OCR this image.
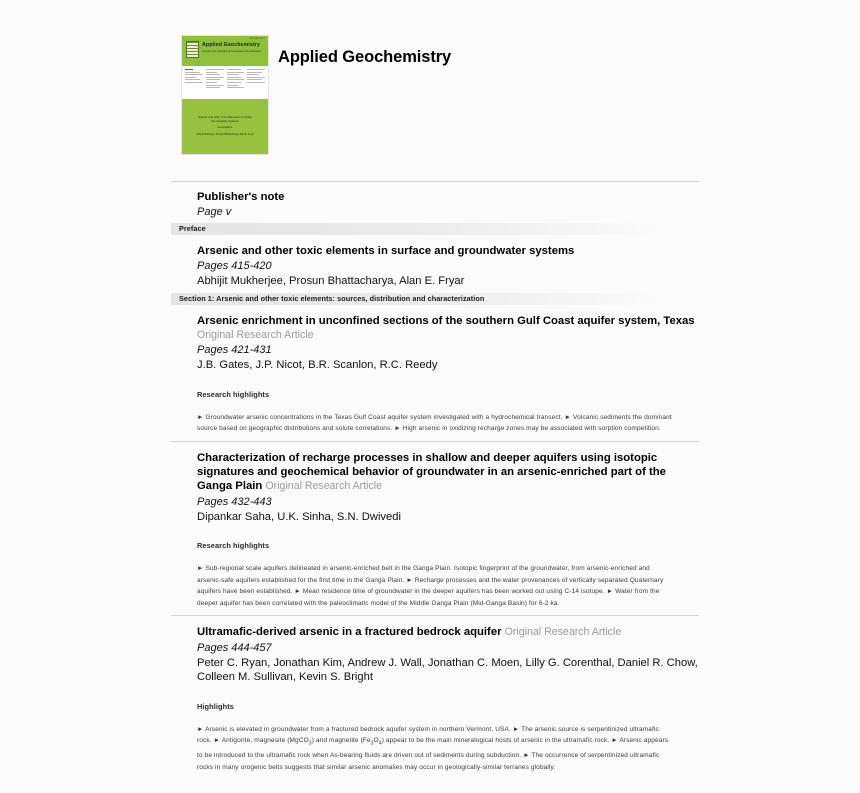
ISSN 0883-2927
Applied Geochemistry
Journal of the International Association of Geochemistry
Arsenic and other Toxic Elements in Global Groundwater Systems
Guest Editors:
Abhijit Mukherjee, Prosun Bhattacharya, Alan E. Fryar
Applied Geochemistry
Publisher's note
Page v
Preface
Arsenic and other toxic elements in surface and groundwater systems
Pages 415-420
Abhijit Mukherjee, Prosun Bhattacharya, Alan E. Fryar
Section 1: Arsenic and other toxic elements: sources, distribution and characterization
Arsenic enrichment in unconfined sections of the southern Gulf Coast aquifer system, Texas Original Research Article
Pages 421-431
J.B. Gates, J.P. Nicot, B.R. Scanlon, R.C. Reedy
Research highlights
► Groundwater arsenic concentrations in the Texas Gulf Coast aquifer system investigated with a hydrochemical transect. ► Volcanic sediments the dominant source based on geographic distributions and solute correlations. ► High arsenic in oxidizing recharge zones may be associated with sorption competition.
Characterization of recharge processes in shallow and deeper aquifers using isotopic signatures and geochemical behavior of groundwater in an arsenic-enriched part of the Ganga Plain Original Research Article
Pages 432-443
Dipankar Saha, U.K. Sinha, S.N. Dwivedi
Research highlights
► Sub-regional scale aquifers delineated in arsenic-enriched belt in the Ganga Plain. Isotopic fingerprint of the groundwater, from arsenic-enriched and arsenic-safe aquifers established for the first time in the Ganga Plain. ► Recharge processes and the water provenances of vertically separated Quaternary aquifers have been established. ► Mean residence time of groundwater in the deeper aquifers has been worked out using C-14 isotope. ► Water from the deeper aquifer has been correlated with the paleoclimatic model of the Middle Ganga Plain (Mid-Ganga Basin) for 6-2 ka.
Ultramafic-derived arsenic in a fractured bedrock aquifer Original Research Article
Pages 444-457
Peter C. Ryan, Jonathan Kim, Andrew J. Wall, Jonathan C. Moen, Lilly G. Corenthal, Daniel R. Chow, Colleen M. Sullivan, Kevin S. Bright
Highlights
► Arsenic is elevated in groundwater from a fractured bedrock aquifer system in northern Vermont, USA. ► The arsenic source is serpentinized ultramafic rock. ► Antigorite, magnesite (MgCO$_3$) and magnetite $(Fe_3O_4)$ appear to be the main mineralogical hosts of arsenic in the ultramafic rock. ► Arsenic appears to be introduced to the ultramafic rock when As-bearing fluids are driven out of sediments during subduction. ► The occurrence of serpentinized ultramafic rocks in many orogenic belts suggests that similar arsenic anomalies may occur in geologically-similar terranes globally.
